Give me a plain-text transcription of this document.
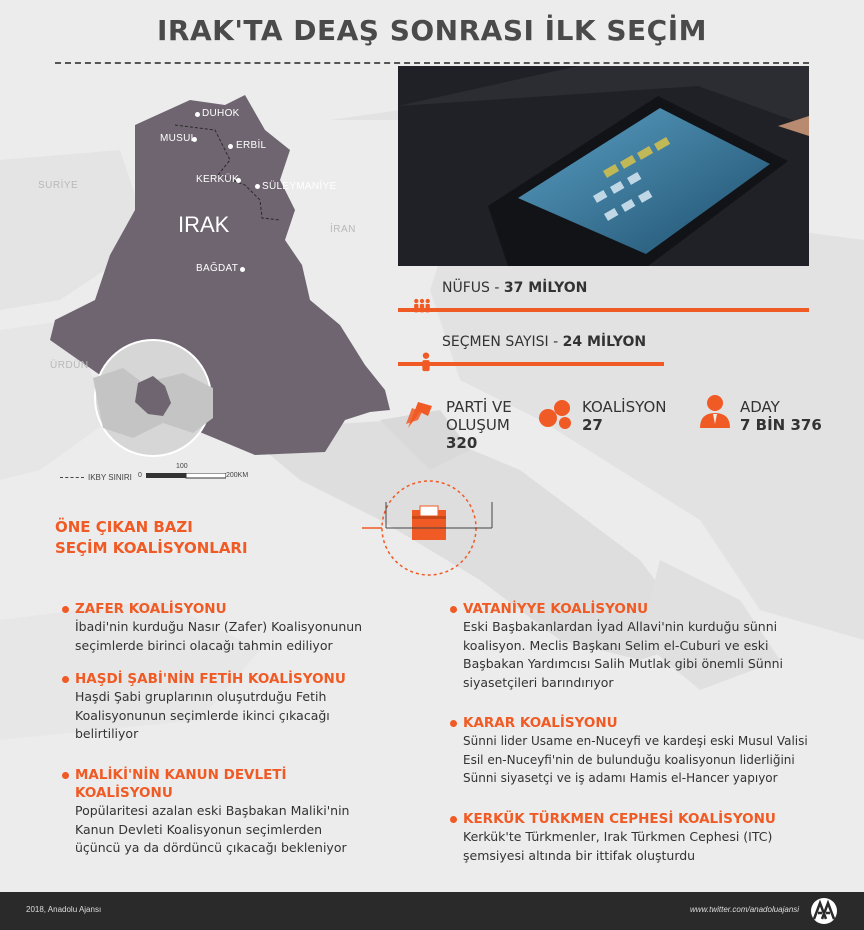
IRAK'TA DEAŞ SONRASI İLK SEÇİM
SURİYE
İRAN
ÜRDÜN
DUHOK
MUSUL
ERBİL
KERKÜK
SÜLEYMANİYE
IRAK
BAĞDAT
IKBY SINIRI 0
100
200KM
NÜFUS - 37 MİLYON
SEÇMEN SAYISI - 24 MİLYON
PARTİ VE
OLUŞUM
320
KOALİSYON
27
ADAY
7 BİN 376
ÖNE ÇIKAN BAZI
SEÇİM KOALİSYONLARI
ZAFER KOALİSYONU
İbadi'nin kurduğu Nasır (Zafer) Koalisyonunun
seçimlerde birinci olacağı tahmin ediliyor
HAŞDİ ŞABİ'NİN FETİH KOALİSYONU
Haşdi Şabi gruplarının oluşutrduğu Fetih
Koalisyonunun seçimlerde ikinci çıkacağı
belirtiliyor
MALİKİ'NİN KANUN DEVLETİ
KOALİSYONU
Popülaritesi azalan eski Başbakan Maliki'nin
Kanun Devleti Koalisyonun seçimlerden
üçüncü ya da dördüncü çıkacağı bekleniyor
VATANİYYE KOALİSYONU
Eski Başbakanlardan İyad Allavi'nin kurduğu sünni
koalisyon. Meclis Başkanı Selim el-Cuburi ve eski
Başbakan Yardımcısı Salih Mutlak gibi önemli Sünni
siyasetçileri barındırıyor
KARAR KOALİSYONU
Sünni lider Usame en-Nuceyfi ve kardeşi eski Musul Valisi
Esil en-Nuceyfi'nin de bulunduğu koalisyonun liderliğini
Sünni siyasetçi ve iş adamı Hamis el-Hancer yapıyor
KERKÜK TÜRKMEN CEPHESİ KOALİSYONU
Kerkük'te Türkmenler, Irak Türkmen Cephesi (ITC)
şemsiyesi altında bir ittifak oluşturdu
2018, Anadolu Ajansı	www.twitter.com/anadoluajansi
